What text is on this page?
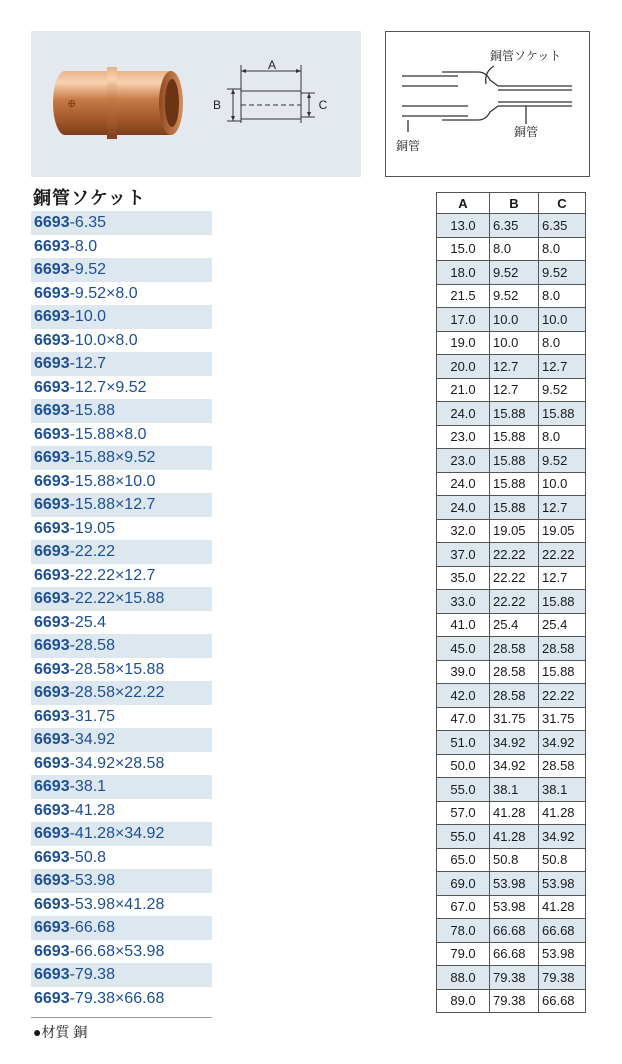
⊕
A
B	C
銅管ソケット
銅管
銅管
銅管ソケット
6693-6.35
6693-8.0
6693-9.52
6693-9.52×8.0
6693-10.0
6693-10.0×8.0
6693-12.7
6693-12.7×9.52
6693-15.88
6693-15.88×8.0
6693-15.88×9.52
6693-15.88×10.0
6693-15.88×12.7
6693-19.05
6693-22.22
6693-22.22×12.7
6693-22.22×15.88
6693-25.4
6693-28.58
6693-28.58×15.88
6693-28.58×22.22
6693-31.75
6693-34.92
6693-34.92×28.58
6693-38.1
6693-41.28
6693-41.28×34.92
6693-50.8
6693-53.98
6693-53.98×41.28
6693-66.68
6693-66.68×53.98
6693-79.38
6693-79.38×66.68
A	B	C
13.0	6.35	6.35
15.0	8.0	8.0
18.0	9.52	9.52
21.5	9.52	8.0
17.0	10.0	10.0
19.0	10.0	8.0
20.0	12.7	12.7
21.0	12.7	9.52
24.0	15.88	15.88
23.0	15.88	8.0
23.0	15.88	9.52
24.0	15.88	10.0
24.0	15.88	12.7
32.0	19.05	19.05
37.0	22.22	22.22
35.0	22.22	12.7
33.0	22.22	15.88
41.0	25.4	25.4
45.0	28.58	28.58
39.0	28.58	15.88
42.0	28.58	22.22
47.0	31.75	31.75
51.0	34.92	34.92
50.0	34.92	28.58
55.0	38.1	38.1
57.0	41.28	41.28
55.0	41.28	34.92
65.0	50.8	50.8
69.0	53.98	53.98
67.0	53.98	41.28
78.0	66.68	66.68
79.0	66.68	53.98
88.0	79.38	79.38
89.0	79.38	66.68
●材質 銅
